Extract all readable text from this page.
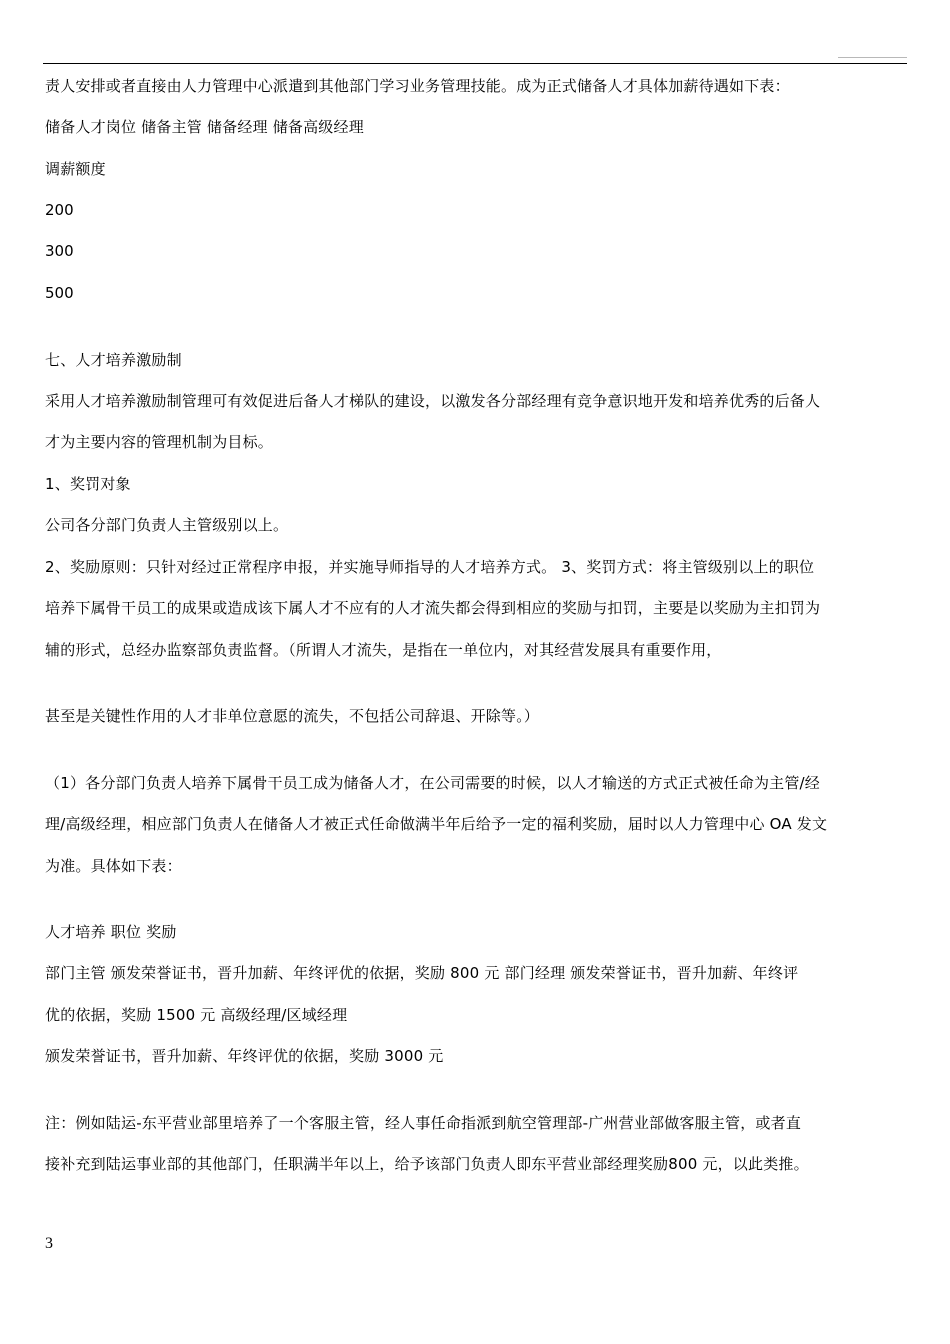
责人安排或者直接由人力管理中心派遣到其他部门学习业务管理技能。成为正式储备人才具体加薪待遇如下表：
储备人才岗位 储备主管 储备经理 储备高级经理
调薪额度
200
300
500
七、人才培养激励制
采用人才培养激励制管理可有效促进后备人才梯队的建设，以激发各分部经理有竞争意识地开发和培养优秀的后备人
才为主要内容的管理机制为目标。
1、奖罚对象
公司各分部门负责人主管级别以上。
2、奖励原则：只针对经过正常程序申报，并实施导师指导的人才培养方式。 3、奖罚方式：将主管级别以上的职位
培养下属骨干员工的成果或造成该下属人才不应有的人才流失都会得到相应的奖励与扣罚，主要是以奖励为主扣罚为
辅的形式，总经办监察部负责监督。（所谓人才流失，是指在一单位内，对其经营发展具有重要作用，
甚至是关键性作用的人才非单位意愿的流失，不包括公司辞退、开除等。）
（1）各分部门负责人培养下属骨干员工成为储备人才，在公司需要的时候，以人才输送的方式正式被任命为主管/经
理/高级经理，相应部门负责人在储备人才被正式任命做满半年后给予一定的福利奖励，届时以人力管理中心 OA 发文
为准。具体如下表：
人才培养 职位 奖励
部门主管 颁发荣誉证书，晋升加薪、年终评优的依据，奖励 800 元 部门经理 颁发荣誉证书，晋升加薪、年终评
优的依据，奖励 1500 元 高级经理/区域经理
颁发荣誉证书，晋升加薪、年终评优的依据，奖励 3000 元
注：例如陆运-东平营业部里培养了一个客服主管，经人事任命指派到航空管理部-广州营业部做客服主管，或者直
接补充到陆运事业部的其他部门，任职满半年以上，给予该部门负责人即东平营业部经理奖励800 元，以此类推。
3
